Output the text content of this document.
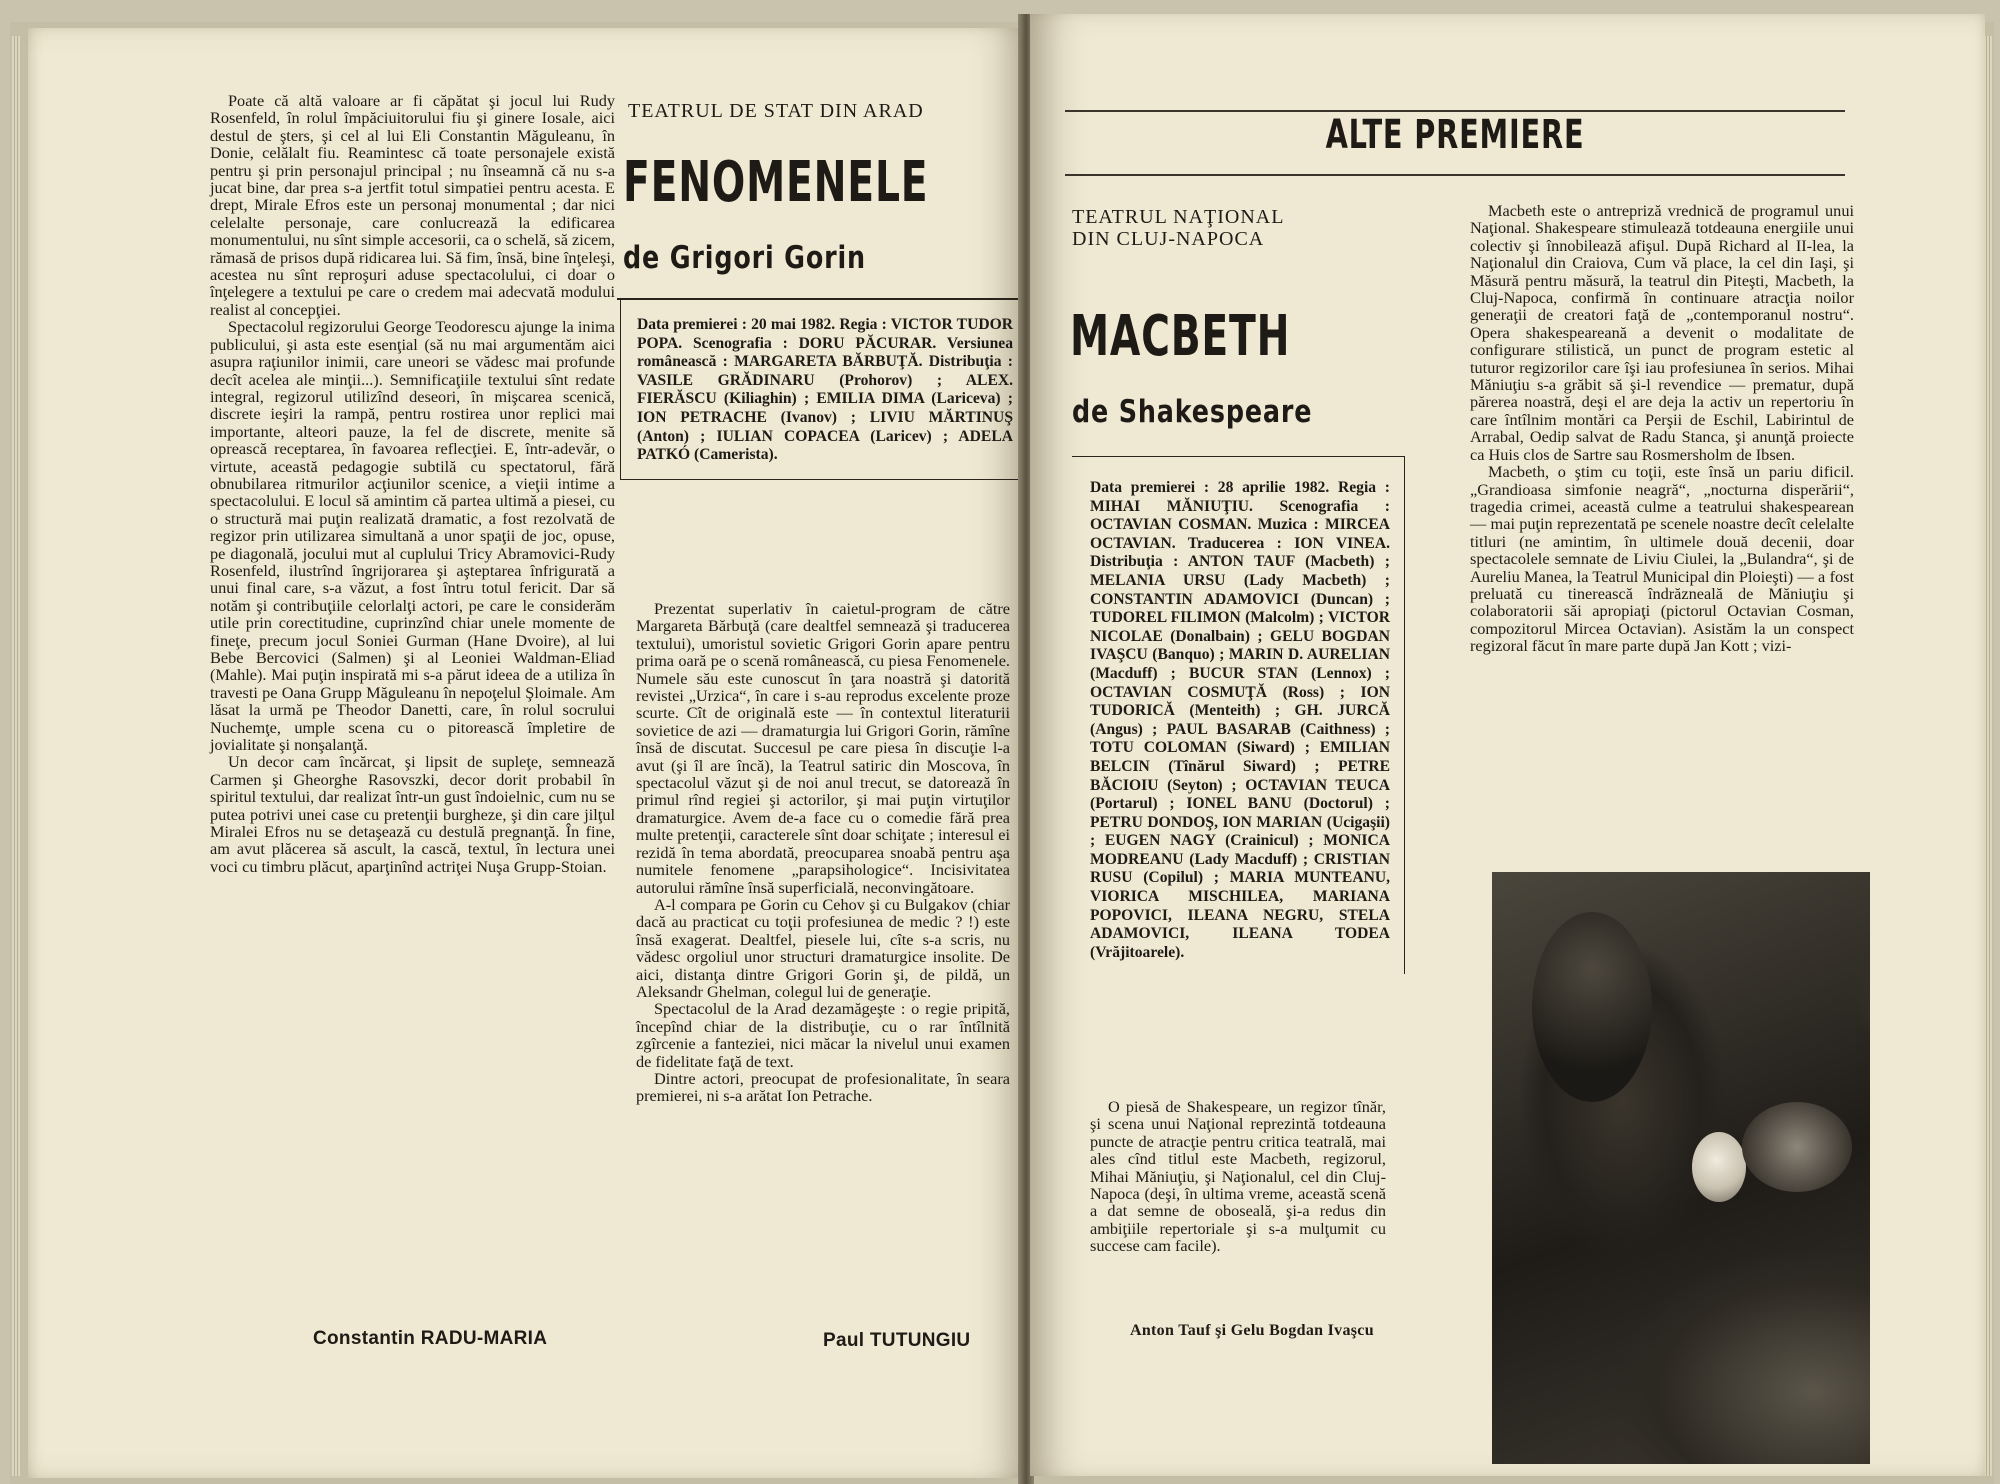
Poate că altă valoare ar fi căpătat şi jocul lui Rudy Rosenfeld, în rolul împăciuitorului fiu şi ginere Iosale, aici destul de şters, şi cel al lui Eli Constantin Măguleanu, în Donie, celălalt fiu. Reamintesc că toate personajele există pentru şi prin personajul principal ; nu înseamnă că nu s-a jucat bine, dar prea s-a jertfit totul simpatiei pentru acesta. E drept, Mirale Efros este un personaj monumental ; dar nici celelalte personaje, care conlucrează la edificarea monumentului, nu sînt simple accesorii, ca o schelă, să zicem, rămasă de prisos după ridicarea lui. Să fim, însă, bine înţeleşi, acestea nu sînt reproşuri aduse spectacolului, ci doar o înţelegere a textului pe care o credem mai adecvată modului realist al concepţiei.

Spectacolul regizorului George Teodorescu ajunge la inima publicului, şi asta este esenţial (să nu mai argumentăm aici asupra raţiunilor inimii, care uneori se vădesc mai profunde decît acelea ale minţii...). Semnificaţiile textului sînt redate integral, regizorul utilizînd deseori, în mişcarea scenică, discrete ieşiri la rampă, pentru rostirea unor replici mai importante, alteori pauze, la fel de discrete, menite să oprească receptarea, în favoarea reflecţiei. E, într-adevăr, o virtute, această pedagogie subtilă cu spectatorul, fără obnubilarea ritmurilor acţiunilor scenice, a vieţii intime a spectacolului. E locul să amintim că partea ultimă a piesei, cu o structură mai puţin realizată dramatic, a fost rezolvată de regizor prin utilizarea simultană a unor spaţii de joc, opuse, pe diagonală, jocului mut al cuplului Tricy Abramovici-Rudy Rosenfeld, ilustrînd îngrijorarea şi aşteptarea înfrigurată a unui final care, s-a văzut, a fost întru totul fericit. Dar să notăm şi contribuţiile celorlalţi actori, pe care le considerăm utile prin corectitudine, cuprinzînd chiar unele momente de fineţe, precum jocul Soniei Gurman (Hane Dvoire), al lui Bebe Bercovici (Salmen) şi al Leoniei Waldman-Eliad (Mahle). Mai puţin inspirată mi s-a părut ideea de a utiliza în travesti pe Oana Grupp Măguleanu în nepoţelul Şloimale. Am lăsat la urmă pe Theodor Danetti, care, în rolul socrului Nuchemţe, umple scena cu o pitorească împletire de jovialitate şi nonşalanţă.

Un decor cam încărcat, şi lipsit de supleţe, semnează Carmen şi Gheorghe Rasovszki, decor dorit probabil în spiritul textului, dar realizat într-un gust îndoielnic, cum nu se putea potrivi unei case cu pretenţii burgheze, şi din care jilţul Miralei Efros nu se detaşează cu destulă pregnanţă. În fine, am avut plăcerea să ascult, la cască, textul, în lectura unei voci cu timbru plăcut, aparţinînd actriţei Nuşa Grupp-Stoian.

Constantin RADU-MARIA
TEATRUL DE STAT DIN ARAD
FENOMENELE
de Grigori Gorin

Data premierei : 20 mai 1982. Regia : VICTOR TUDOR POPA. Scenografia : DORU PĂCURAR. Versiunea românească : MARGARETA BĂRBUŢĂ. Distribuţia : VASILE GRĂDINARU (Prohorov) ; ALEX. FIERĂSCU (Kiliaghin) ; EMILIA DIMA (Lariceva) ; ION PETRACHE (Ivanov) ; LIVIU MĂRTINUŞ (Anton) ; IULIAN COPACEA (Laricev) ; ADELA PATKÓ (Camerista).

Prezentat superlativ în caietul-program de către Margareta Bărbuţă (care dealtfel semnează şi traducerea textului), umoristul sovietic Grigori Gorin apare pentru prima oară pe o scenă românească, cu piesa Fenomenele. Numele său este cunoscut în ţara noastră şi datorită revistei „Urzica“, în care i s-au reprodus excelente proze scurte. Cît de originală este — în contextul literaturii sovietice de azi — dramaturgia lui Grigori Gorin, rămîne însă de discutat. Succesul pe care piesa în discuţie l-a avut (şi îl are încă), la Teatrul satiric din Moscova, în spectacolul văzut şi de noi anul trecut, se datorează în primul rînd regiei şi actorilor, şi mai puţin virtuţilor dramaturgice. Avem de-a face cu o comedie fără prea multe pretenţii, caracterele sînt doar schiţate ; interesul ei rezidă în tema abordată, preocuparea snoabă pentru aşa numitele fenomene „parapsihologice“. Incisivitatea autorului rămîne însă superficială, neconvingătoare.

A-l compara pe Gorin cu Cehov şi cu Bulgakov (chiar dacă au practicat cu toţii profesiunea de medic ? !) este însă exagerat. Dealtfel, piesele lui, cîte s-a scris, nu vădesc orgoliul unor structuri dramaturgice insolite. De aici, distanţa dintre Grigori Gorin şi, de pildă, un Aleksandr Ghelman, colegul lui de generaţie.

Spectacolul de la Arad dezamăgeşte : o regie pripită, începînd chiar de la distribuţie, cu o rar întîlnită zgîrcenie a fanteziei, nici măcar la nivelul unui examen de fidelitate faţă de text.

Dintre actori, preocupat de profesionalitate, în seara premierei, ni s-a arătat Ion Petrache.

Paul TUTUNGIU
ALTE PREMIERE
TEATRUL NAŢIONAL
DIN CLUJ-NAPOCA
MACBETH
de Shakespeare

Data premierei : 28 aprilie 1982. Regia : MIHAI MĂNIUŢIU. Scenografia : OCTAVIAN COSMAN. Muzica : MIRCEA OCTAVIAN. Traducerea : ION VINEA. Distribuţia : ANTON TAUF (Macbeth) ; MELANIA URSU (Lady Macbeth) ; CONSTANTIN ADAMOVICI (Duncan) ; TUDOREL FILIMON (Malcolm) ; VICTOR NICOLAE (Donalbain) ; GELU BOGDAN IVAŞCU (Banquo) ; MARIN D. AURELIAN (Macduff) ; BUCUR STAN (Lennox) ; OCTAVIAN COSMUŢĂ (Ross) ; ION TUDORICĂ (Menteith) ; GH. JURCĂ (Angus) ; PAUL BASARAB (Caithness) ; TOTU COLOMAN (Siward) ; EMILIAN BELCIN (Tînărul Siward) ; PETRE BĂCIOIU (Seyton) ; OCTAVIAN TEUCA (Portarul) ; IONEL BANU (Doctorul) ; PETRU DONDOŞ, ION MARIAN (Ucigaşii) ; EUGEN NAGY (Crainicul) ; MONICA MODREANU (Lady Macduff) ; CRISTIAN RUSU (Copilul) ; MARIA MUNTEANU, VIORICA MISCHILEA, MARIANA POPOVICI, ILEANA NEGRU, STELA ADAMOVICI, ILEANA TODEA (Vrăjitoarele).

O piesă de Shakespeare, un regizor tînăr, şi scena unui Naţional reprezintă totdeauna puncte de atracţie pentru critica teatrală, mai ales cînd titlul este Macbeth, regizorul, Mihai Măniuţiu, şi Naţionalul, cel din Cluj-Napoca (deşi, în ultima vreme, această scenă a dat semne de oboseală, şi-a redus din ambiţiile repertoriale şi s-a mulţumit cu succese cam facile).

Anton Tauf şi Gelu Bogdan Ivaşcu

Macbeth este o antrepriză vrednică de programul unui Naţional. Shakespeare stimulează totdeauna energiile unui colectiv şi înnobilează afişul. După Richard al II-lea, la Naţionalul din Craiova, Cum vă place, la cel din Iaşi, şi Măsură pentru măsură, la teatrul din Piteşti, Macbeth, la Cluj-Napoca, confirmă în continuare atracţia noilor generaţii de creatori faţă de „contemporanul nostru“. Opera shakespeareană a devenit o modalitate de configurare stilistică, un punct de program estetic al tuturor regizorilor care îşi iau profesiunea în serios. Mihai Măniuţiu s-a grăbit să şi-l revendice — prematur, după părerea noastră, deşi el are deja la activ un repertoriu în care întîlnim montări ca Perşii de Eschil, Labirintul de Arrabal, Oedip salvat de Radu Stanca, şi anunţă proiecte ca Huis clos de Sartre sau Rosmersholm de Ibsen.

Macbeth, o ştim cu toţii, este însă un pariu dificil. „Grandioasa simfonie neagră“, „nocturna disperării“, tragedia crimei, această culme a teatrului shakespearean — mai puţin reprezentată pe scenele noastre decît celelalte titluri (ne amintim, în ultimele două decenii, doar spectacolele semnate de Liviu Ciulei, la „Bulandra“, şi de Aureliu Manea, la Teatrul Municipal din Ploieşti) — a fost preluată cu tinerească îndrăzneală de Măniuţiu şi colaboratorii săi apropiaţi (pictorul Octavian Cosman, compozitorul Mircea Octavian). Asistăm la un conspect regizoral făcut în mare parte după Jan Kott ; vizi-
